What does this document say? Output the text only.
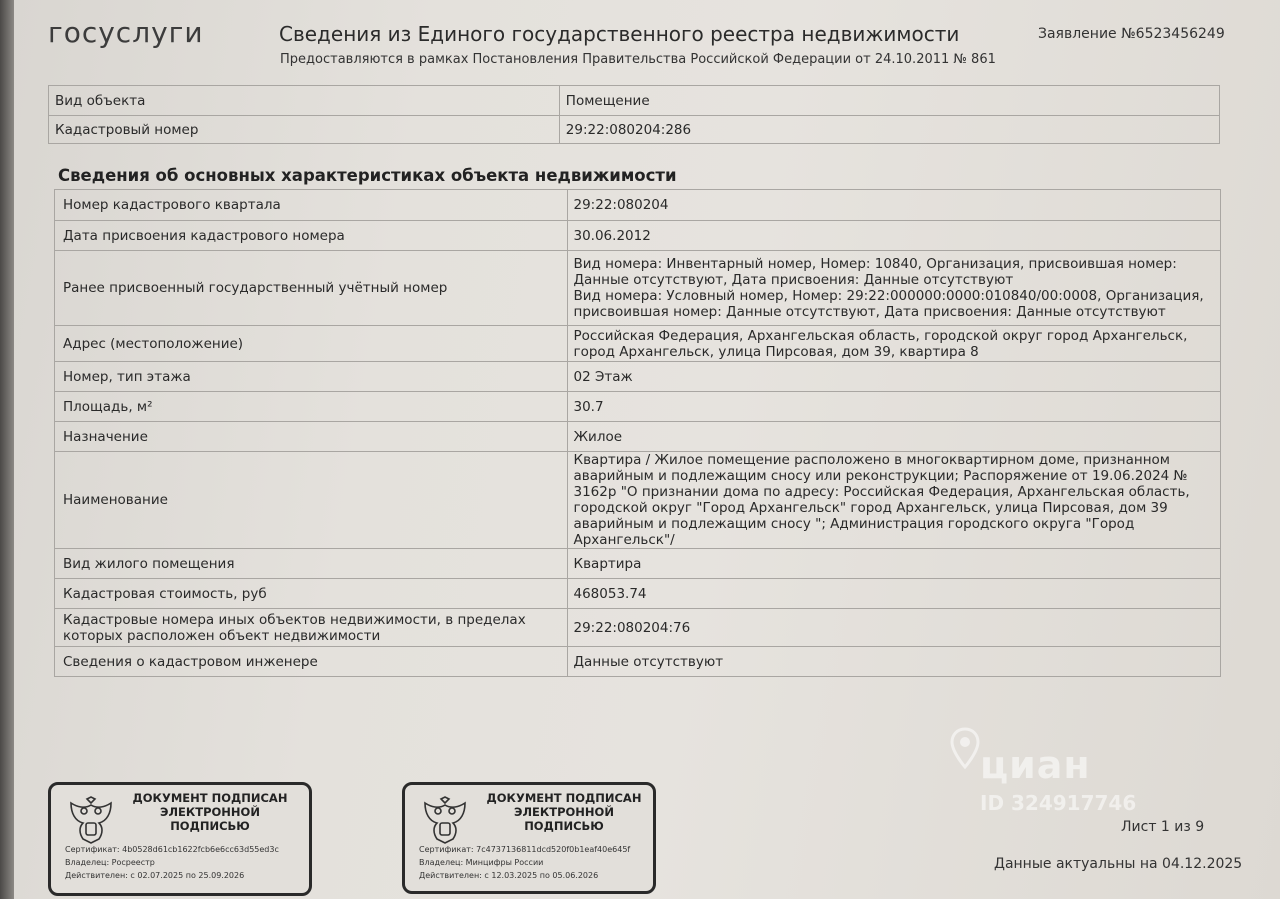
госуслуги	Сведения из Единого государственного реестра недвижимости
Предоставляются в рамках Постановления Правительства Российской Федерации от 24.10.2011 № 861
Заявление №6523456249
Вид объекта	Помещение
Кадастровый номер	29:22:080204:286
Сведения об основных характеристиках объекта недвижимости
Номер кадастрового квартала	29:22:080204
Дата присвоения кадастрового номера	30.06.2012
Ранее присвоенный государственный учётный номер	Вид номера: Инвентарный номер, Номер: 10840, Организация, присвоившая номер: Данные отсутствуют, Дата присвоения: Данные отсутствуют
Вид номера: Условный номер, Номер: 29:22:000000:0000:010840/00:0008, Организация, присвоившая номер: Данные отсутствуют, Дата присвоения: Данные отсутствуют
Адрес (местоположение)	Российская Федерация, Архангельская область, городской округ город Архангельск, город Архангельск, улица Пирсовая, дом 39, квартира 8
Номер, тип этажа	02 Этаж
Площадь, м²	30.7
Назначение	Жилое
Наименование	Квартира / Жилое помещение расположено в многоквартирном доме, признанном аварийным и подлежащим сносу или реконструкции; Распоряжение от 19.06.2024 № 3162р "О признании дома по адресу: Российская Федерация, Архангельская область, городской округ "Город Архангельск" город Архангельск, улица Пирсовая, дом 39 аварийным и подлежащим сносу "; Администрация городского округа "Город Архангельск"/
Вид жилого помещения	Квартира
Кадастровая стоимость, руб	468053.74
Кадастровые номера иных объектов недвижимости, в пределах которых расположен объект недвижимости	29:22:080204:76
Сведения о кадастровом инженере	Данные отсутствуют
циан
ID 324917746
ДОКУМЕНТ ПОДПИСАН ЭЛЕКТРОННОЙ ПОДПИСЬЮ
Сертификат: 4b0528d61cb1622fcb6e6cc63d55ed3c
Владелец: Росреестр
Действителен: с 02.07.2025 по 25.09.2026
ДОКУМЕНТ ПОДПИСАН ЭЛЕКТРОННОЙ ПОДПИСЬЮ
Сертификат: 7c4737136811dcd520f0b1eaf40e645f
Владелец: Минцифры России
Действителен: с 12.03.2025 по 05.06.2026
Лист 1 из 9
Данные актуальны на 04.12.2025
